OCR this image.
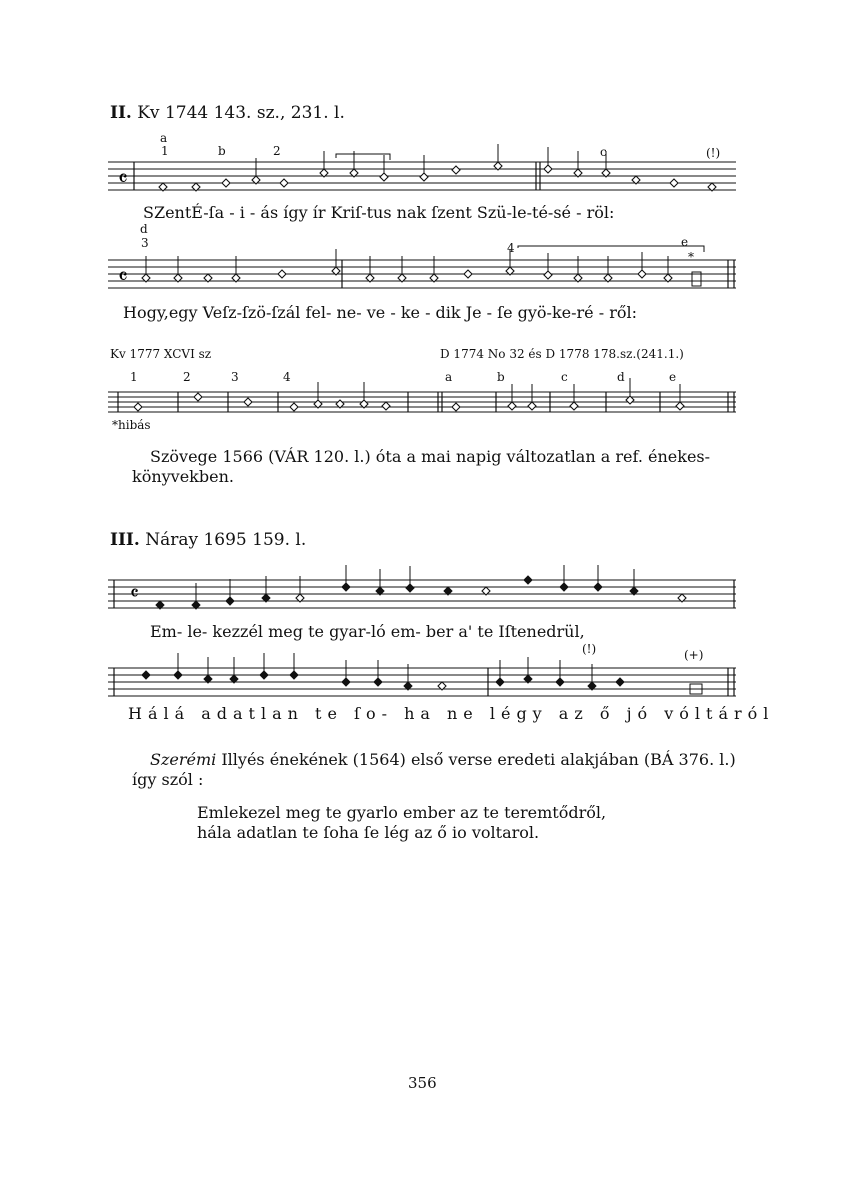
II. Kv 1744 143. sz., 231. l.
a
1	b	2	c	(!)
𝄴
SZentÉ-ſa - i - ás így ír Kriſ-tus nak ſzent Szü-le-té-sé - röl:
d
3	4	e
*
𝄴
Hogy,egy Veſz-ſzö-ſzál fel- ne- ve - ke - dik Je - ſe gyö-ke-ré - ről:
Kv 1777 XCVI sz	D 1774 No 32 és D 1778 178.sz.(241.1.)
1	2	3	4	a	b	c	d	e
*hibás
Szövege 1566 (VÁR 120. l.) óta a mai napig változatlan a ref. énekes-
könyvekben.
III. Náray 1695 159. l.
𝄴
Em- le- kezzél meg te gyar-ló em- ber a' te Iſtenedrül,
(!)	(+)
Hálá adatlan te ſo- ha ne légy az ő jó vóltáról
Szerémi Illyés énekének (1564) első verse eredeti alakjában (BÁ 376. l.)
így szól :
Emlekezel meg te gyarlo ember az te teremtődről,
hála adatlan te ſoha ſe lég az ő io voltarol.
356
